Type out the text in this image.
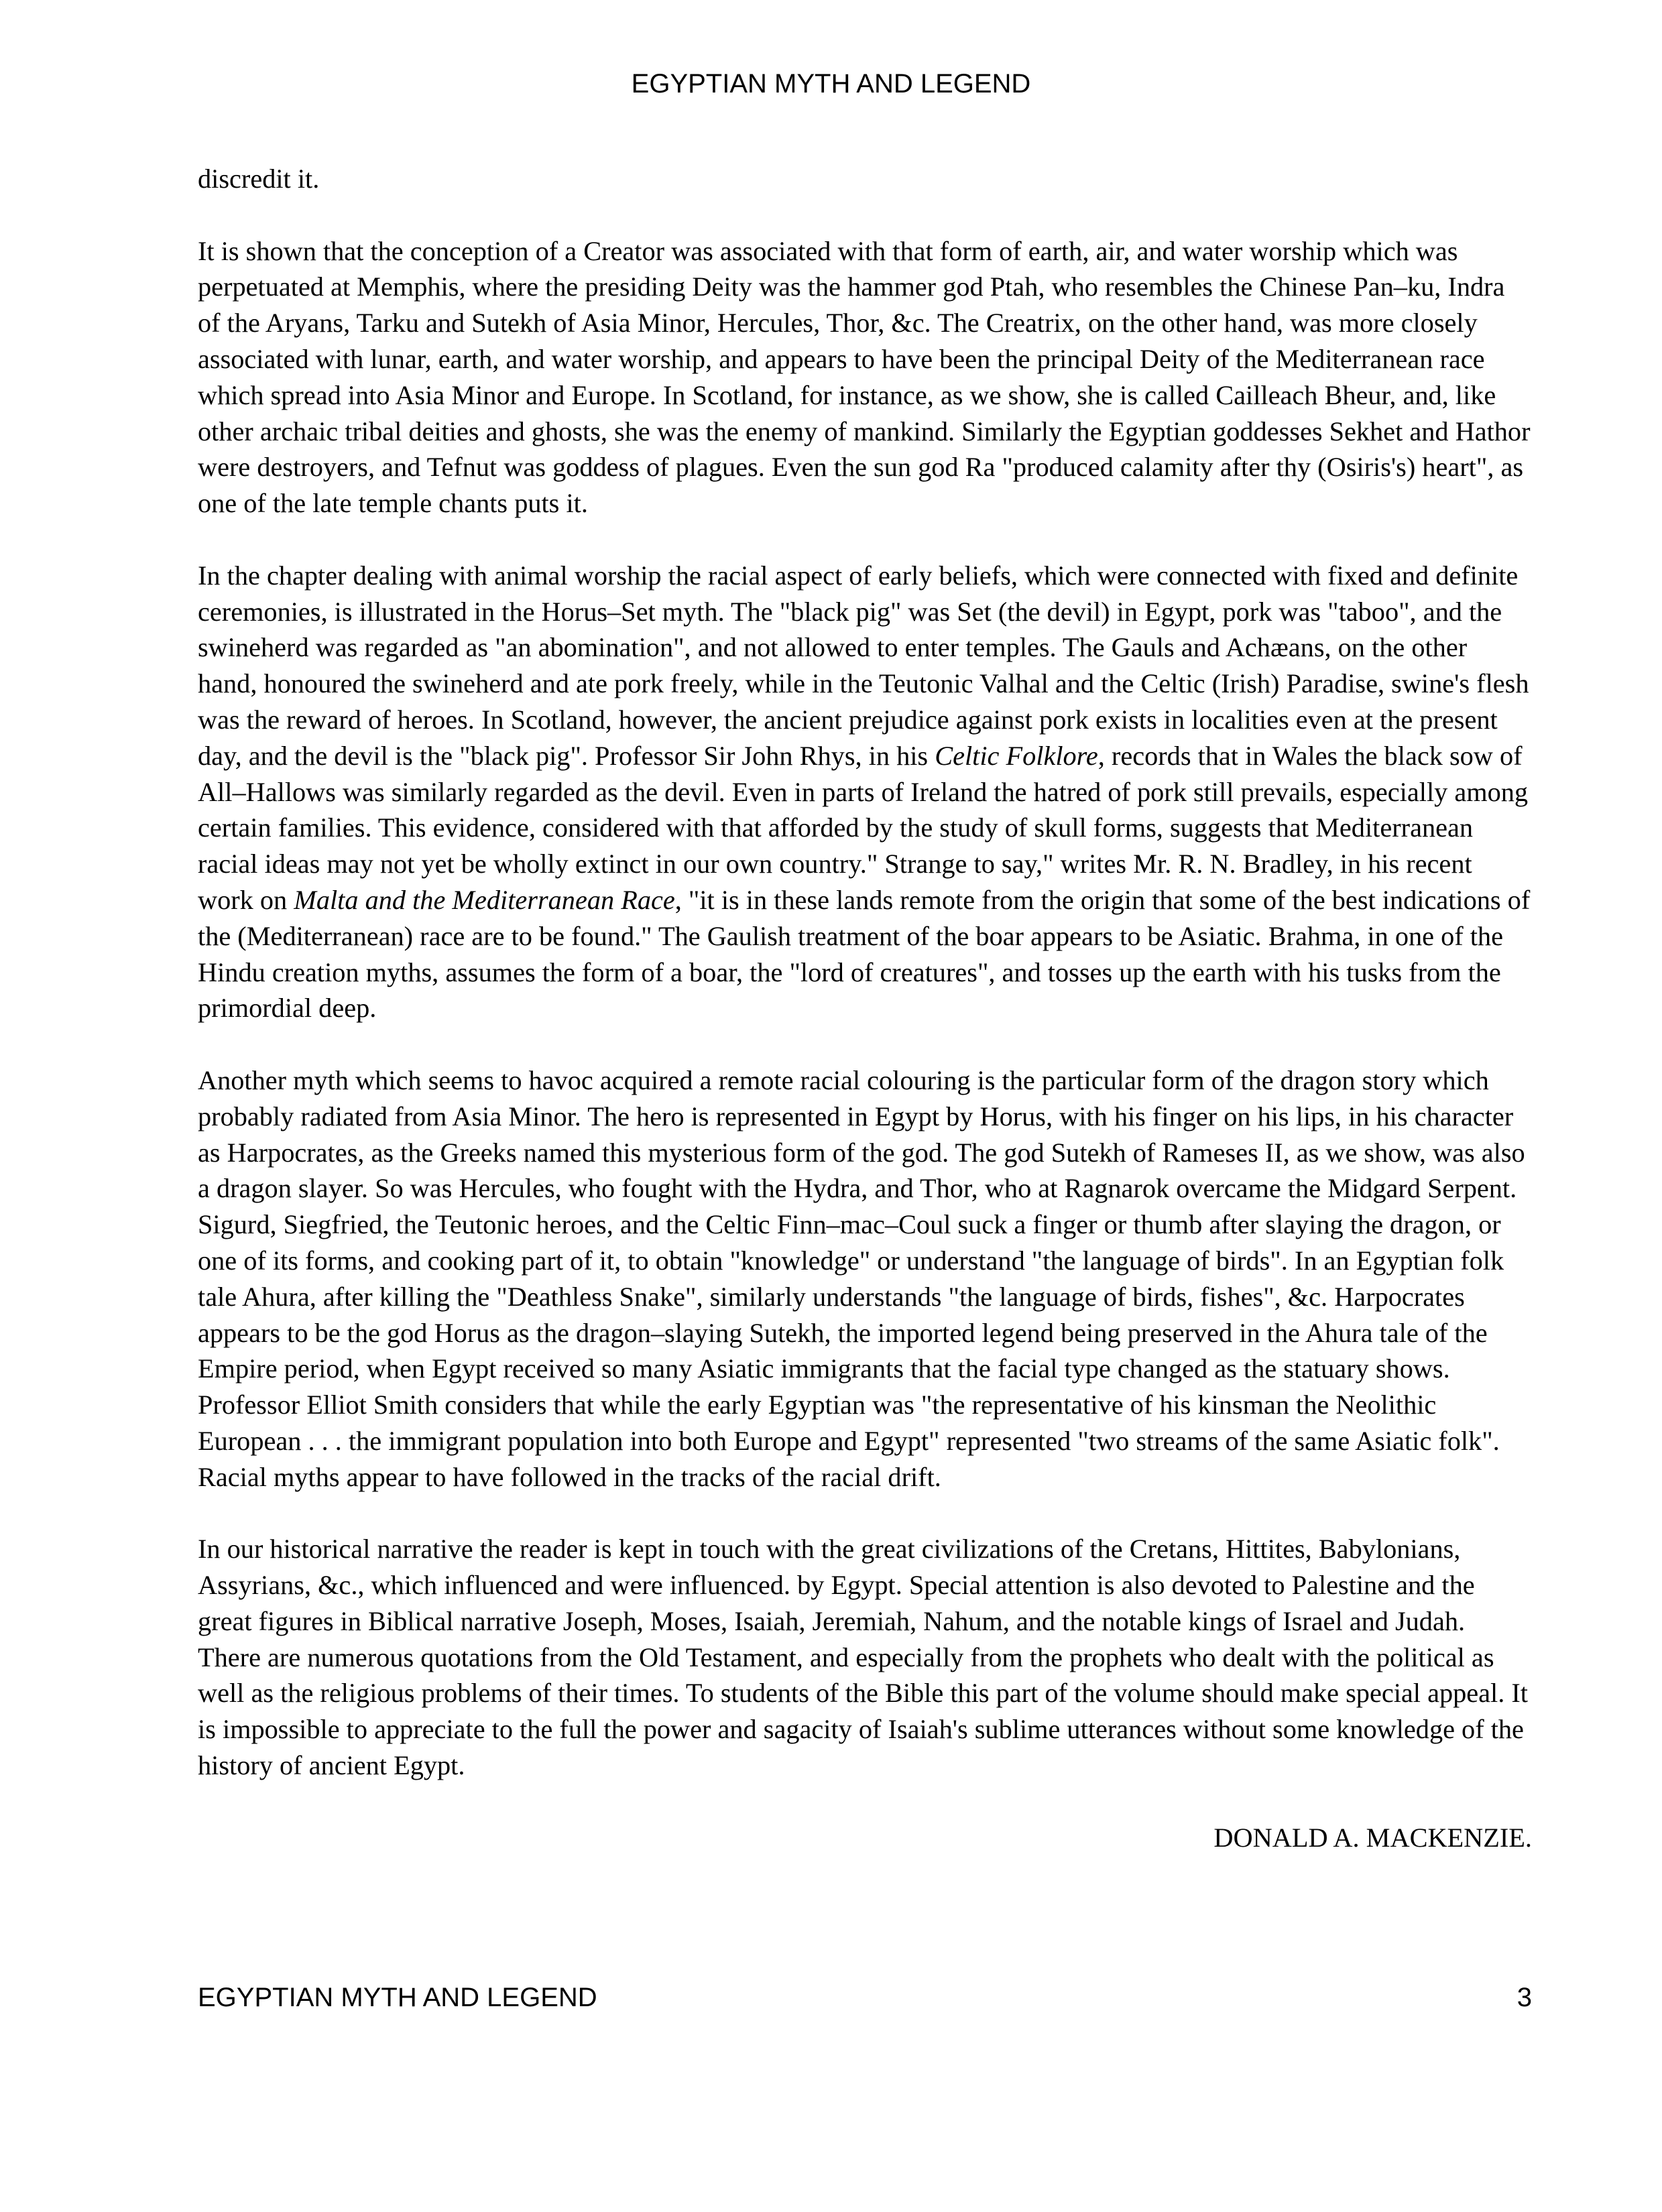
EGYPTIAN MYTH AND LEGEND

discredit it.

It is shown that the conception of a Creator was associated with that form of earth, air, and water worship which was perpetuated at Memphis, where the presiding Deity was the hammer god Ptah, who resembles the Chinese Pan–ku, Indra of the Aryans, Tarku and Sutekh of Asia Minor, Hercules, Thor, &c. The Creatrix, on the other hand, was more closely associated with lunar, earth, and water worship, and appears to have been the principal Deity of the Mediterranean race which spread into Asia Minor and Europe. In Scotland, for instance, as we show, she is called Cailleach Bheur, and, like other archaic tribal deities and ghosts, she was the enemy of mankind. Similarly the Egyptian goddesses Sekhet and Hathor were destroyers, and Tefnut was goddess of plagues. Even the sun god Ra "produced calamity after thy (Osiris's) heart", as one of the late temple chants puts it.

In the chapter dealing with animal worship the racial aspect of early beliefs, which were connected with fixed and definite ceremonies, is illustrated in the Horus–Set myth. The "black pig" was Set (the devil) in Egypt, pork was "taboo", and the swineherd was regarded as "an abomination", and not allowed to enter temples. The Gauls and Achæans, on the other hand, honoured the swineherd and ate pork freely, while in the Teutonic Valhal and the Celtic (Irish) Paradise, swine's flesh was the reward of heroes. In Scotland, however, the ancient prejudice against pork exists in localities even at the present day, and the devil is the "black pig". Professor Sir John Rhys, in his Celtic Folklore, records that in Wales the black sow of All–Hallows was similarly regarded as the devil. Even in parts of Ireland the hatred of pork still prevails, especially among certain families. This evidence, considered with that afforded by the study of skull forms, suggests that Mediterranean racial ideas may not yet be wholly extinct in our own country." Strange to say," writes Mr. R. N. Bradley, in his recent work on Malta and the Mediterranean Race, "it is in these lands remote from the origin that some of the best indications of the (Mediterranean) race are to be found." The Gaulish treatment of the boar appears to be Asiatic. Brahma, in one of the Hindu creation myths, assumes the form of a boar, the "lord of creatures", and tosses up the earth with his tusks from the primordial deep.

Another myth which seems to havoc acquired a remote racial colouring is the particular form of the dragon story which probably radiated from Asia Minor. The hero is represented in Egypt by Horus, with his finger on his lips, in his character as Harpocrates, as the Greeks named this mysterious form of the god. The god Sutekh of Rameses II, as we show, was also a dragon slayer. So was Hercules, who fought with the Hydra, and Thor, who at Ragnarok overcame the Midgard Serpent. Sigurd, Siegfried, the Teutonic heroes, and the Celtic Finn–mac–Coul suck a finger or thumb after slaying the dragon, or one of its forms, and cooking part of it, to obtain "knowledge" or understand "the language of birds". In an Egyptian folk tale Ahura, after killing the "Deathless Snake", similarly understands "the language of birds, fishes", &c. Harpocrates appears to be the god Horus as the dragon–slaying Sutekh, the imported legend being preserved in the Ahura tale of the Empire period, when Egypt received so many Asiatic immigrants that the facial type changed as the statuary shows. Professor Elliot Smith considers that while the early Egyptian was "the representative of his kinsman the Neolithic European . . . the immigrant population into both Europe and Egypt" represented "two streams of the same Asiatic folk". Racial myths appear to have followed in the tracks of the racial drift.

In our historical narrative the reader is kept in touch with the great civilizations of the Cretans, Hittites, Babylonians, Assyrians, &c., which influenced and were influenced. by Egypt. Special attention is also devoted to Palestine and the great figures in Biblical narrative Joseph, Moses, Isaiah, Jeremiah, Nahum, and the notable kings of Israel and Judah. There are numerous quotations from the Old Testament, and especially from the prophets who dealt with the political as well as the religious problems of their times. To students of the Bible this part of the volume should make special appeal. It is impossible to appreciate to the full the power and sagacity of Isaiah's sublime utterances without some knowledge of the history of ancient Egypt.

DONALD A. MACKENZIE.

EGYPTIAN MYTH AND LEGEND	3
